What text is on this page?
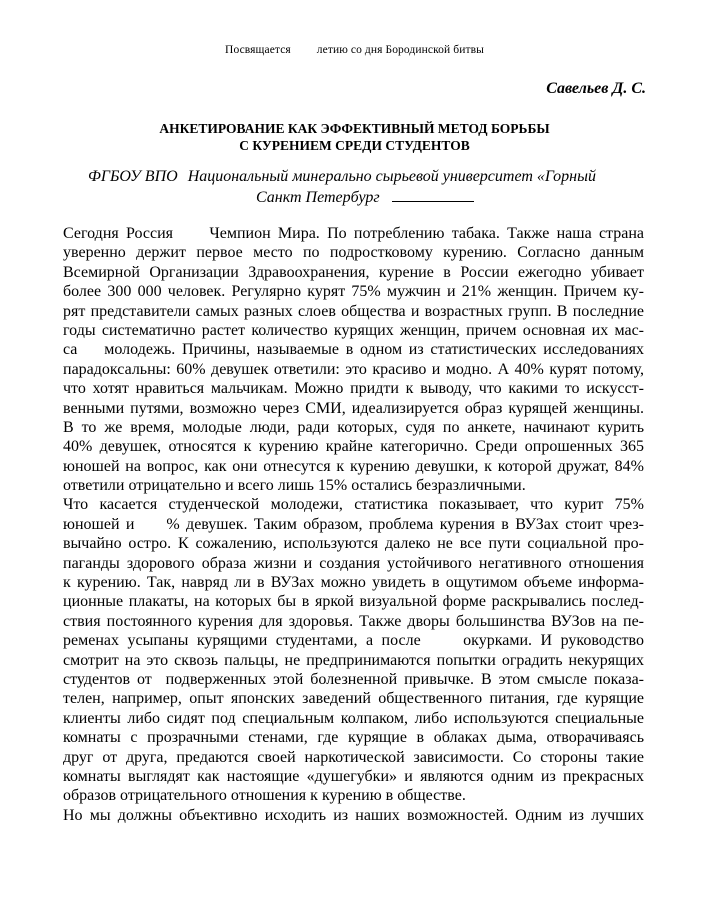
Посвящается летию со дня Бородинской битвы
Савельев Д. С.
АНКЕТИРОВАНИЕ КАК ЭФФЕКТИВНЫЙ МЕТОД БОРЬБЫ
С КУРЕНИЕМ СРЕДИ СТУДЕНТОВ
ФГБОУ ВПО Национальный минерально сырьевой университет «Горный
Санкт Петербург
Сегодня Россия     Чемпион Мира. По потреблению табака. Также наша страна
уверенно держит первое место по подростковому курению. Согласно данным
Всемирной Организации Здравоохранения, курение в России ежегодно убивает
более 300 000 человек. Регулярно курят 75% мужчин и 21% женщин. Причем ку-
рят представители самых разных слоев общества и возрастных групп. В последние
годы систематично растет количество курящих женщин, причем основная их мас-
са    молодежь. Причины, называемые в одном из статистических исследованиях
парадоксальны: 60% девушек ответили: это красиво и модно. А 40% курят потому,
что хотят нравиться мальчикам. Можно придти к выводу, что какими то искусст-
венными путями, возможно через СМИ, идеализируется образ курящей женщины.
В то же время, молодые люди, ради которых, судя по анкете, начинают курить
40% девушек, относятся к курению крайне категорично. Среди опрошенных 365
юношей на вопрос, как они отнесутся к курению девушки, к которой дружат, 84%
ответили отрицательно и всего лишь 15% остались безразличными.
Что касается студенческой молодежи, статистика показывает, что курит 75%
юношей и     % девушек. Таким образом, проблема курения в ВУЗах стоит чрез-
вычайно остро. К сожалению, используются далеко не все пути социальной про-
паганды здорового образа жизни и создания устойчивого негативного отношения
к курению. Так, навряд ли в ВУЗах можно увидеть в ощутимом объеме информа-
ционные плакаты, на которых бы в яркой визуальной форме раскрывались послед-
ствия постоянного курения для здоровья. Также дворы большинства ВУЗов на пе-
ременах усыпаны курящими студентами, а после     окурками. И руководство
смотрит на это сквозь пальцы, не предпринимаются попытки оградить некурящих
студентов от  подверженных этой болезненной привычке. В этом смысле показа-
телен, например, опыт японских заведений общественного питания, где курящие
клиенты либо сидят под специальным колпаком, либо используются специальные
комнаты с прозрачными стенами, где курящие в облаках дыма, отворачиваясь
друг от друга, предаются своей наркотической зависимости. Со стороны такие
комнаты выглядят как настоящие «душегубки» и являются одним из прекрасных
образов отрицательного отношения к курению в обществе.
Но мы должны объективно исходить из наших возможностей. Одним из лучших
